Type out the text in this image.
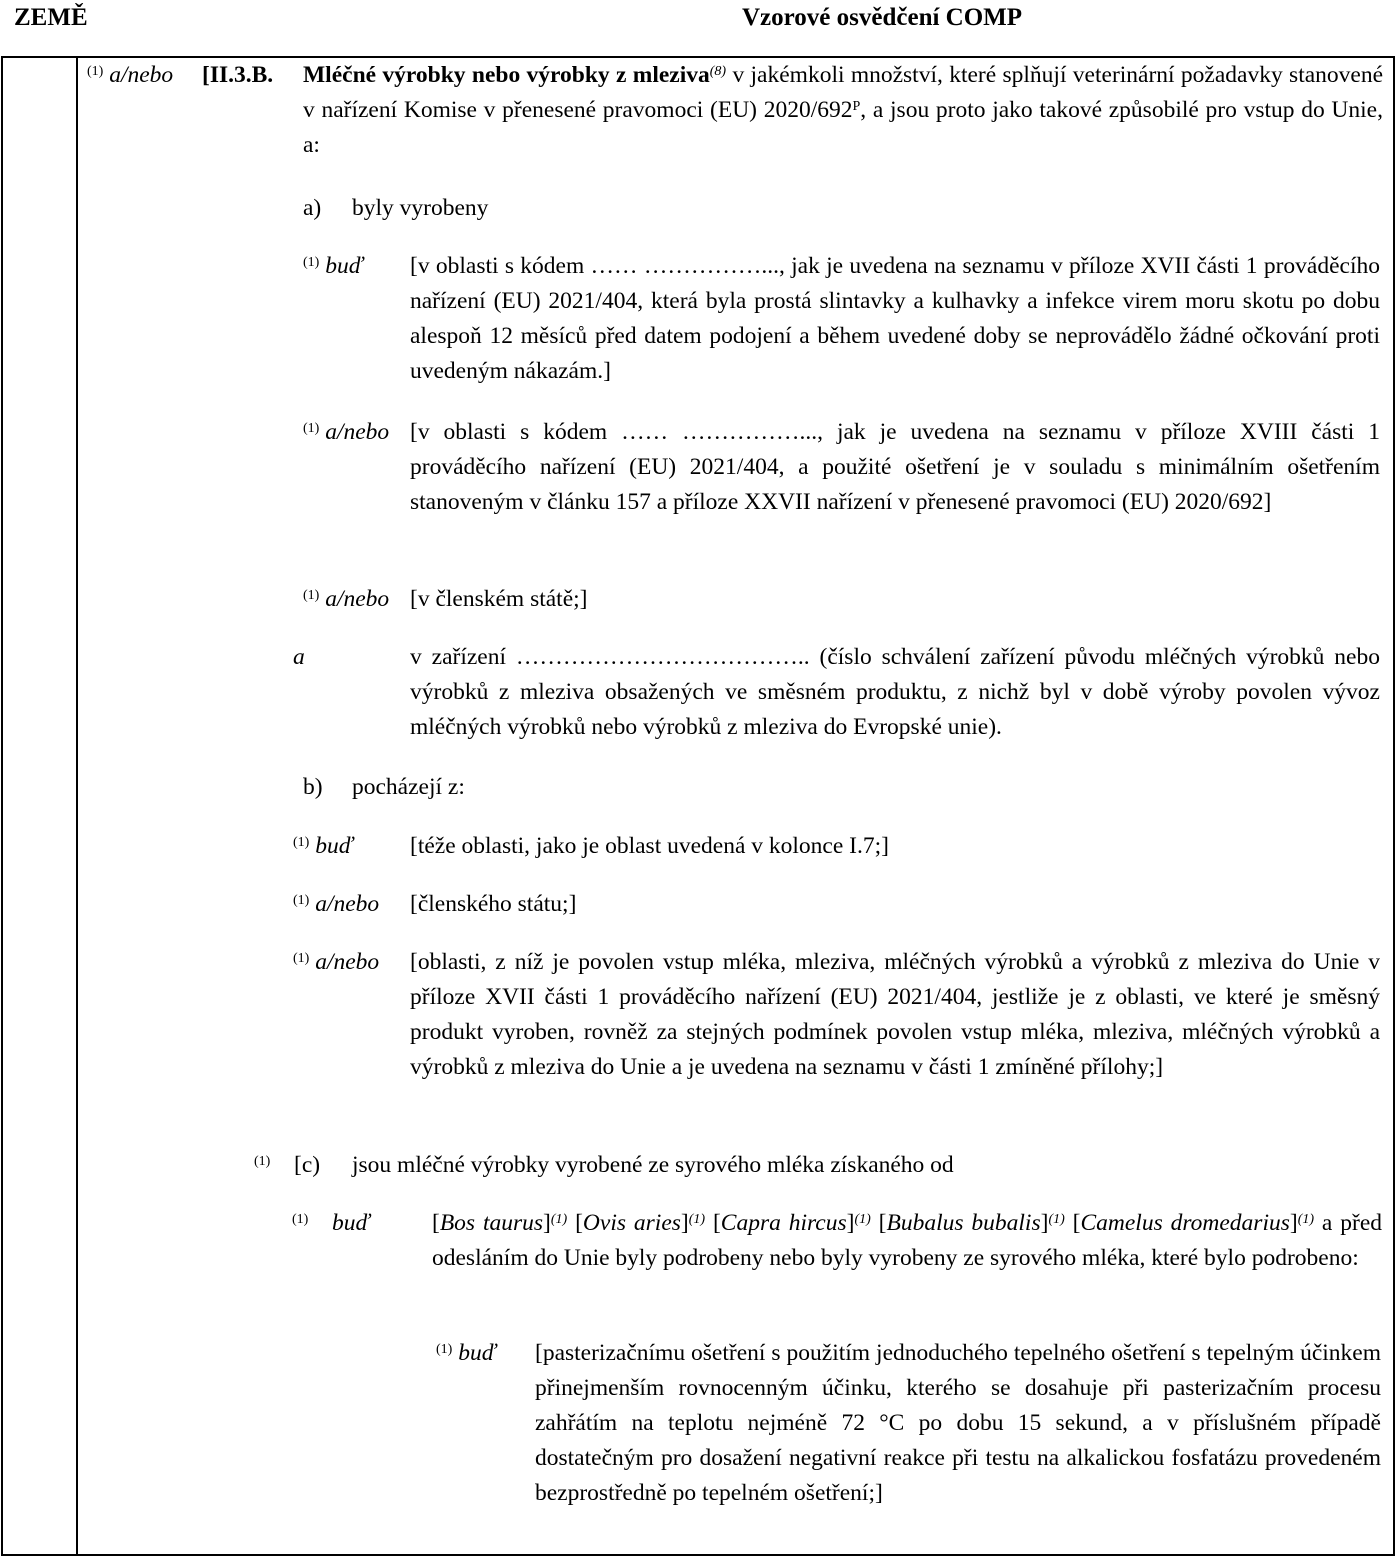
ZEMĚ	Vzorové osvědčení COMP
$^{(1)}$ a/nebo [II.3.B. Mléčné výrobky nebo výrobky z mleziva$^{(8)}$ v jakémkoli množství, které splňují veterinární požadavky stanovené v nařízení Komise v přenesené pravomoci (EU) $2020/692^P$, a jsou proto jako takové způsobilé pro vstup do Unie, a:
a) byly vyrobeny
$^{(1)}$ buď [v oblasti s kódem …… ……………..., jak je uvedena na seznamu v příloze XVII části 1 prováděcího nařízení (EU) 2021/404, která byla prostá slintavky a kulhavky a infekce virem moru skotu po dobu alespoň 12 měsíců před datem podojení a během uvedené doby se neprovádělo žádné očkování proti uvedeným nákazám.]
$^{(1)}$ a/nebo [v oblasti s kódem …… ……………..., jak je uvedena na seznamu v příloze XVIII části 1 prováděcího nařízení (EU) 2021/404, a použité ošetření je v souladu s minimálním ošetřením stanoveným v článku 157 a příloze XXVII nařízení v přenesené pravomoci (EU) 2020/692]
$^{(1)}$ a/nebo [v členském státě;]
a	v zařízení ……………………………….. (číslo schválení zařízení původu mléčných výrobků nebo výrobků z mleziva obsažených ve směsném produktu, z nichž byl v době výroby povolen vývoz mléčných výrobků nebo výrobků z mleziva do Evropské unie).
b) pocházejí z:
$^{(1)}$ buď [téže oblasti, jako je oblast uvedená v kolonce I.7;]
$^{(1)}$ a/nebo [členského státu;]
$^{(1)}$ a/nebo [oblasti, z níž je povolen vstup mléka, mleziva, mléčných výrobků a výrobků z mleziva do Unie v příloze XVII části 1 prováděcího nařízení (EU) 2021/404, jestliže je z oblasti, ve které je směsný produkt vyroben, rovněž za stejných podmínek povolen vstup mléka, mleziva, mléčných výrobků a výrobků z mleziva do Unie a je uvedena na seznamu v části 1 zmíněné přílohy;]
$^{(1)}$ [c) jsou mléčné výrobky vyrobené ze syrového mléka získaného od
$^{(1)}$ buď	[Bos taurus]$^{(1)}$ [Ovis aries]$^{(1)}$ [Capra hircus]$^{(1)}$ [Bubalus bubalis]$^{(1)}$ [Camelus dromedarius]$^{(1)}$ a před odesláním do Unie byly podrobeny nebo byly vyrobeny ze syrového mléka, které bylo podrobeno:
$^{(1)}$ buď [pasterizačnímu ošetření s použitím jednoduchého tepelného ošetření s tepelným účinkem přinejmenším rovnocenným účinku, kterého se dosahuje při pasterizačním procesu zahřátím na teplotu nejméně 72 °C po dobu 15 sekund, a v příslušném případě dostatečným pro dosažení negativní reakce při testu na alkalickou fosfatázu provedeném bezprostředně po tepelném ošetření;]
